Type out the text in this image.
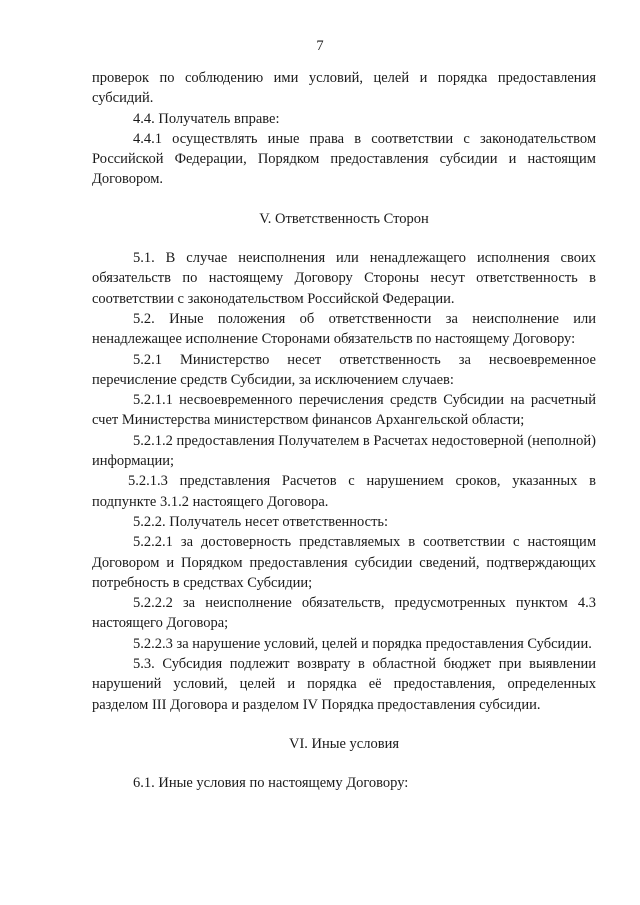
7

проверок по соблюдению ими условий, целей и порядка предоставления субсидий.

4.4. Получатель вправе:

4.4.1 осуществлять иные права в соответствии с законодательством Российской Федерации, Порядком предоставления субсидии и настоящим Договором.

V. Ответственность Сторон

5.1. В случае неисполнения или ненадлежащего исполнения своих обязательств по настоящему Договору Стороны несут ответственность в соответствии с законодательством Российской Федерации.

5.2. Иные положения об ответственности за неисполнение или ненадлежащее исполнение Сторонами обязательств по настоящему Договору:

5.2.1 Министерство несет ответственность за несвоевременное перечисление средств Субсидии, за исключением случаев:

5.2.1.1 несвоевременного перечисления средств Субсидии на расчетный счет Министерства министерством финансов Архангельской области;

5.2.1.2 предоставления Получателем в Расчетах недостоверной (неполной) информации;

5.2.1.3 представления Расчетов с нарушением сроков, указанных в подпункте 3.1.2 настоящего Договора.

5.2.2. Получатель несет ответственность:

5.2.2.1 за достоверность представляемых в соответствии с настоящим Договором и Порядком предоставления субсидии сведений, подтверждающих потребность в средствах Субсидии;

5.2.2.2 за неисполнение обязательств, предусмотренных пунктом 4.3 настоящего Договора;

5.2.2.3 за нарушение условий, целей и порядка предоставления Субсидии.

5.3. Субсидия подлежит возврату в областной бюджет при выявлении нарушений условий, целей и порядка её предоставления, определенных разделом III Договора и разделом IV Порядка предоставления субсидии.

VI. Иные условия

6.1. Иные условия по настоящему Договору:
